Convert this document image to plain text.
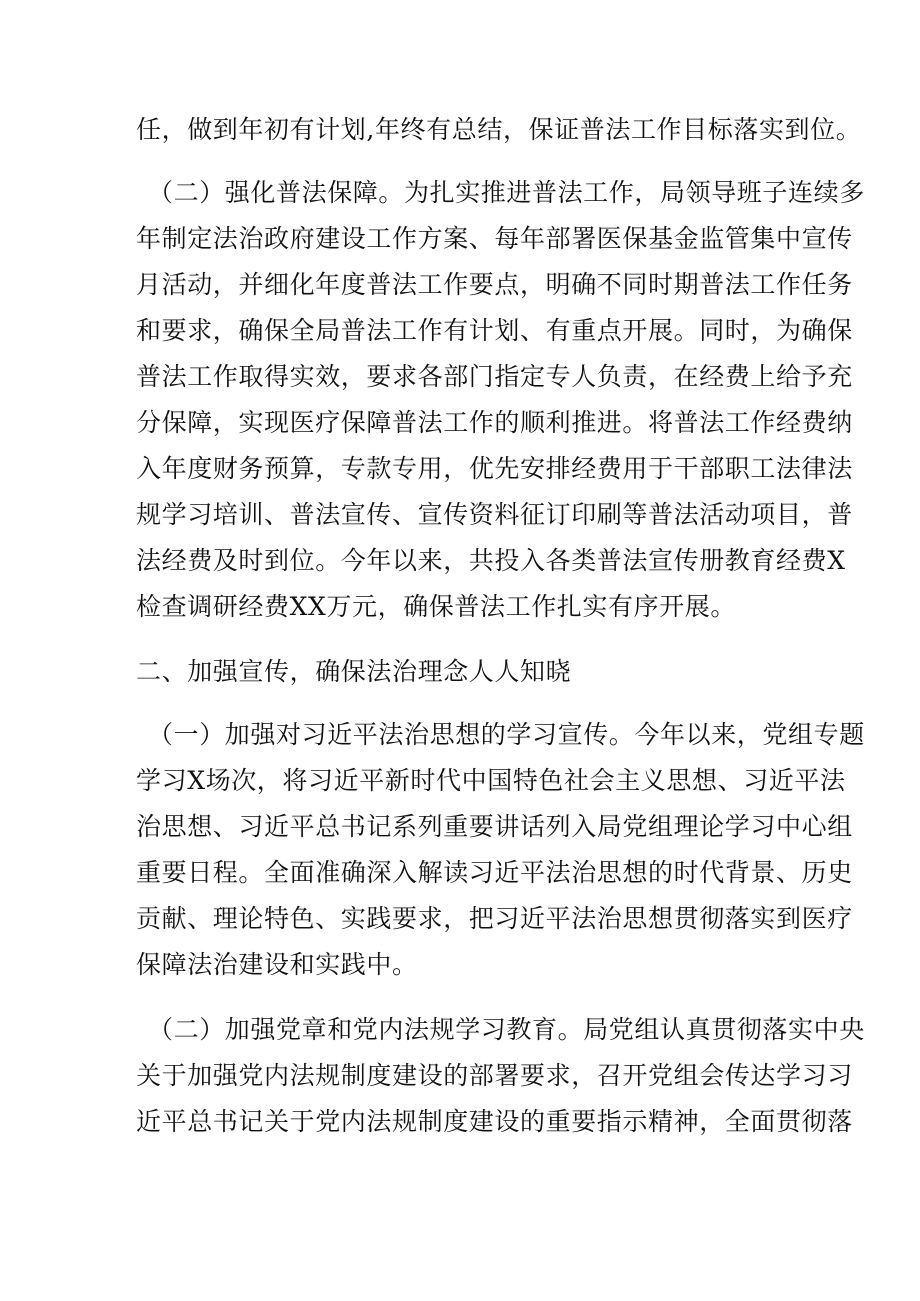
任，做到年初有计划,年终有总结，保证普法工作目标落实到位。
（二）强化普法保障。为扎实推进普法工作，局领导班子连续多
年制定法治政府建设工作方案、每年部署医保基金监管集中宣传
月活动，并细化年度普法工作要点，明确不同时期普法工作任务
和要求，确保全局普法工作有计划、有重点开展。同时，为确保
普法工作取得实效，要求各部门指定专人负责，在经费上给予充
分保障，实现医疗保障普法工作的顺利推进。将普法工作经费纳
入年度财务预算，专款专用，优先安排经费用于干部职工法律法
规学习培训、普法宣传、宣传资料征订印刷等普法活动项目，普
法经费及时到位。今年以来，共投入各类普法宣传册教育经费X
检查调研经费XX万元，确保普法工作扎实有序开展。
二、加强宣传，确保法治理念人人知晓
（一）加强对习近平法治思想的学习宣传。今年以来，党组专题
学习X场次，将习近平新时代中国特色社会主义思想、习近平法
治思想、习近平总书记系列重要讲话列入局党组理论学习中心组
重要日程。全面准确深入解读习近平法治思想的时代背景、历史
贡献、理论特色、实践要求，把习近平法治思想贯彻落实到医疗
保障法治建设和实践中。
（二）加强党章和党内法规学习教育。局党组认真贯彻落实中央
关于加强党内法规制度建设的部署要求，召开党组会传达学习习
近平总书记关于党内法规制度建设的重要指示精神，全面贯彻落
